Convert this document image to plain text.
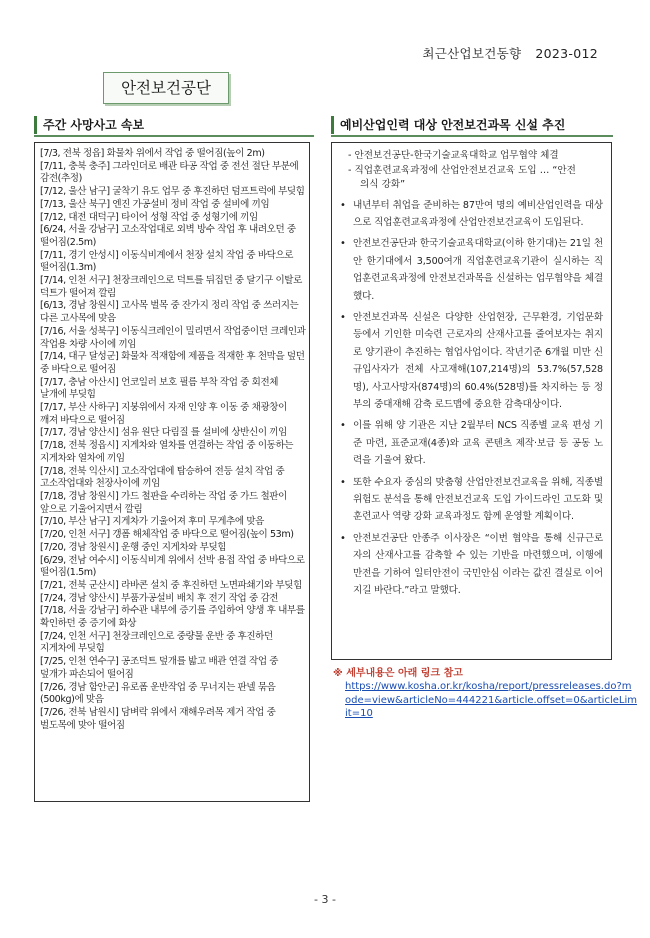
최근산업보건동향 2023-012
안전보건공단
주간 사망사고 속보	예비산업인력 대상 안전보건과목 신설 추진

[7/3, 전북 정읍] 화물차 위에서 작업 중 떨어짐(높이 2m)

[7/11, 충북 충주] 그라인더로 배관 타공 작업 중 전선 절단 부분에 감전(추정)

[7/12, 울산 남구] 굴착기 유도 업무 중 후진하던 덤프트럭에 부딪힘

[7/13, 울산 북구] 엔진 가공설비 정비 작업 중 설비에 끼임

[7/12, 대전 대덕구] 타이어 성형 작업 중 성형기에 끼임

[6/24, 서울 강남구] 고소작업대로 외벽 방수 작업 후 내려오던 중 떨어짐(2.5m)

[7/11, 경기 안성시] 이동식비계에서 천장 설치 작업 중 바닥으로 떨어짐(1.3m)

[7/14, 인천 서구] 천장크레인으로 덕트를 뒤집던 중 달기구 이탈로 덕트가 떨어져 깔림

[6/13, 경남 창원시] 고사목 벌목 중 잔가지 정리 작업 중 쓰러지는 다른 고사목에 맞음

[7/16, 서울 성북구] 이동식크레인이 밀리면서 작업중이던 크레인과 작업용 차량 사이에 끼임

[7/14, 대구 달성군] 화물차 적재함에 제품을 적재한 후 천막을 덮던 중 바닥으로 떨어짐

[7/17, 충남 아산시] 언코일러 보호 필름 부착 작업 중 회전체 날개에 부딪힘

[7/17, 부산 사하구] 지붕위에서 자재 인양 후 이동 중 채광창이 깨져 바닥으로 떨어짐

[7/17, 경남 양산시] 섬유 원단 다림질 를 설비에 상반신이 끼임

[7/18, 전북 정읍시] 지게차와 열차를 연결하는 작업 중 이동하는 지게차와 열차에 끼임

[7/18, 전북 익산시] 고소작업대에 탑승하여 전등 설치 작업 중 고소작업대와 천장사이에 끼임

[7/18, 경남 창원시] 가드 철판을 수리하는 작업 중 가드 철판이 앞으로 기울어지면서 깔림

[7/10, 부산 남구] 지게차가 기울어져 후미 무게추에 맞음

[7/20, 인천 서구] 갱폼 해체작업 중 바닥으로 떨어짐(높이 53m)

[7/20, 경남 창원시] 운행 중인 지게차와 부딪힘

[6/29, 전남 여수시] 이동식비계 위에서 선박 용접 작업 중 바닥으로 떨어짐(1.5m)

[7/21, 전북 군산시] 라바콘 설치 중 후진하던 노면파쇄기와 부딪힘

[7/24, 경남 양산시] 부품가공설비 배치 후 전기 작업 중 감전

[7/18, 서울 강남구] 하수관 내부에 증기를 주입하여 양생 후 내부를 확인하던 중 증기에 화상

[7/24, 인천 서구] 천장크레인으로 중량물 운반 중 후진하던 지게차에 부딪힘

[7/25, 인천 연수구] 공조덕트 덮개를 밟고 배관 연결 작업 중 덮개가 파손되어 떨어짐

[7/26, 경남 함안군] 유로폼 운반작업 중 무너지는 판넬 묶음(500kg)에 맞음

[7/26, 전북 남원시] 담벼락 위에서 재해우려목 제거 작업 중 벌도목에 맞아 떨어짐

- 안전보건공단-한국기술교육대학교 업무협약 체결

- 직업훈련교육과정에 산업안전보건교육 도입 … “안전

의식 강화”

• 내년부터 취업을 준비하는 87만여 명의 예비산업인력을 대상으로 직업훈련교육과정에 산업안전보건교육이 도입된다.

• 안전보건공단과 한국기술교육대학교(이하 한기대)는 21일 천안 한기대에서 3,500여개 직업훈련교육기관이 실시하는 직업훈련교육과정에 안전보건과목을 신설하는 업무협약을 체결했다.

• 안전보건과목 신설은 다양한 산업현장, 근무환경, 기업문화 등에서 기인한 미숙련 근로자의 산재사고를 줄여보자는 취지로 양기관이 추진하는 협업사업이다. 작년기준 6개월 미만 신규입사자가 전체 사고재해(107,214명)의 53.7%(57,528명), 사고사망자(874명)의 60.4%(528명)를 차지하는 등 정부의 중대재해 감축 로드맵에 중요한 감축대상이다.

• 이를 위해 양 기관은 지난 2월부터 NCS 직종별 교육 편성 기준 마련, 표준교재(4종)와 교육 콘텐츠 제작·보급 등 공동 노력을 기울여 왔다.

• 또한 수요자 중심의 맞춤형 산업안전보건교육을 위해, 직종별 위험도 분석을 통해 안전보건교육 도입 가이드라인 고도화 및 훈련교사 역량 강화 교육과정도 함께 운영할 계획이다.

• 안전보건공단 안종주 이사장은 “이번 협약을 통해 신규근로자의 산재사고를 감축할 수 있는 기반을 마련했으며, 이행에 만전을 기하여 일터안전이 국민안심 이라는 값진 결실로 이어지길 바란다.”라고 말했다.

※ 세부내용은 아래 링크 참고
https://www.kosha.or.kr/kosha/report/pressreleases.do?mode=view&articleNo=444221&article.offset=0&articleLimit=10
- 3 -
